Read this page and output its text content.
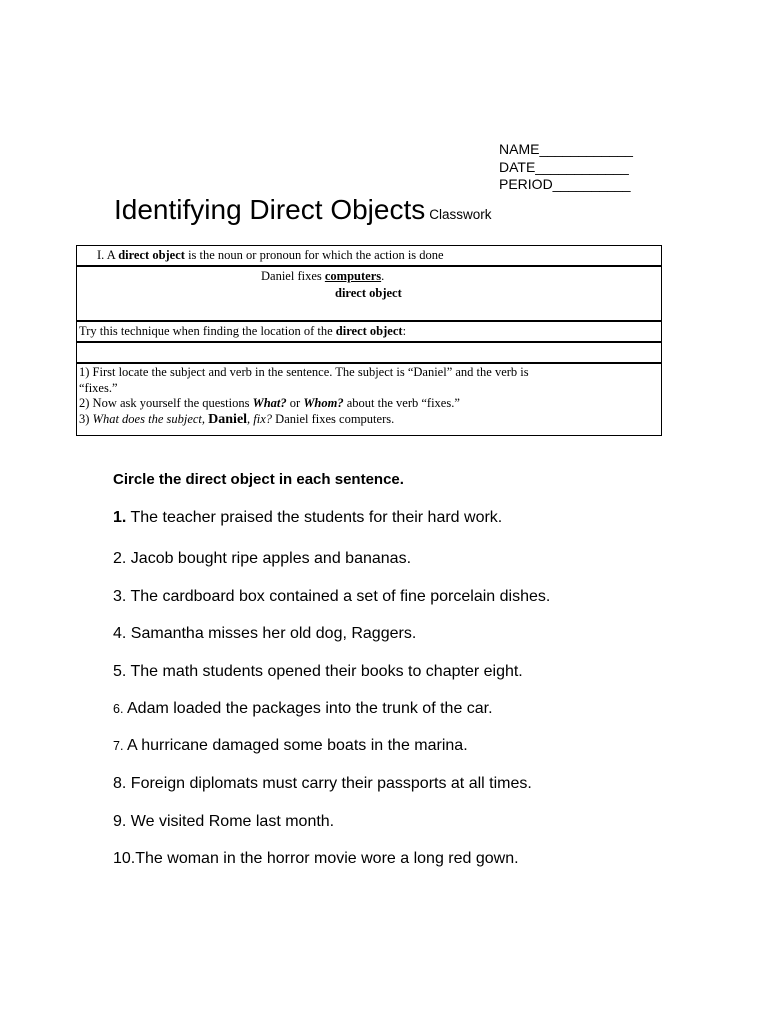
NAME____________
DATE____________
PERIOD__________
Identifying Direct Objects Classwork
I. A direct object is the noun or pronoun for which the action is done
Daniel fixes computers.
direct object
Try this technique when finding the location of the direct object:
1) First locate the subject and verb in the sentence. The subject is “Daniel” and the verb is
“fixes.”
2) Now ask yourself the questions What? or Whom? about the verb “fixes.”
3) What does the subject, Daniel, fix? Daniel fixes computers.
Circle the direct object in each sentence.
1. The teacher praised the students for their hard work.
2. Jacob bought ripe apples and bananas.
3. The cardboard box contained a set of fine porcelain dishes.
4. Samantha misses her old dog, Raggers.
5. The math students opened their books to chapter eight.
6. Adam loaded the packages into the trunk of the car.
7. A hurricane damaged some boats in the marina.
8. Foreign diplomats must carry their passports at all times.
9. We visited Rome last month.
10.The woman in the horror movie wore a long red gown.
